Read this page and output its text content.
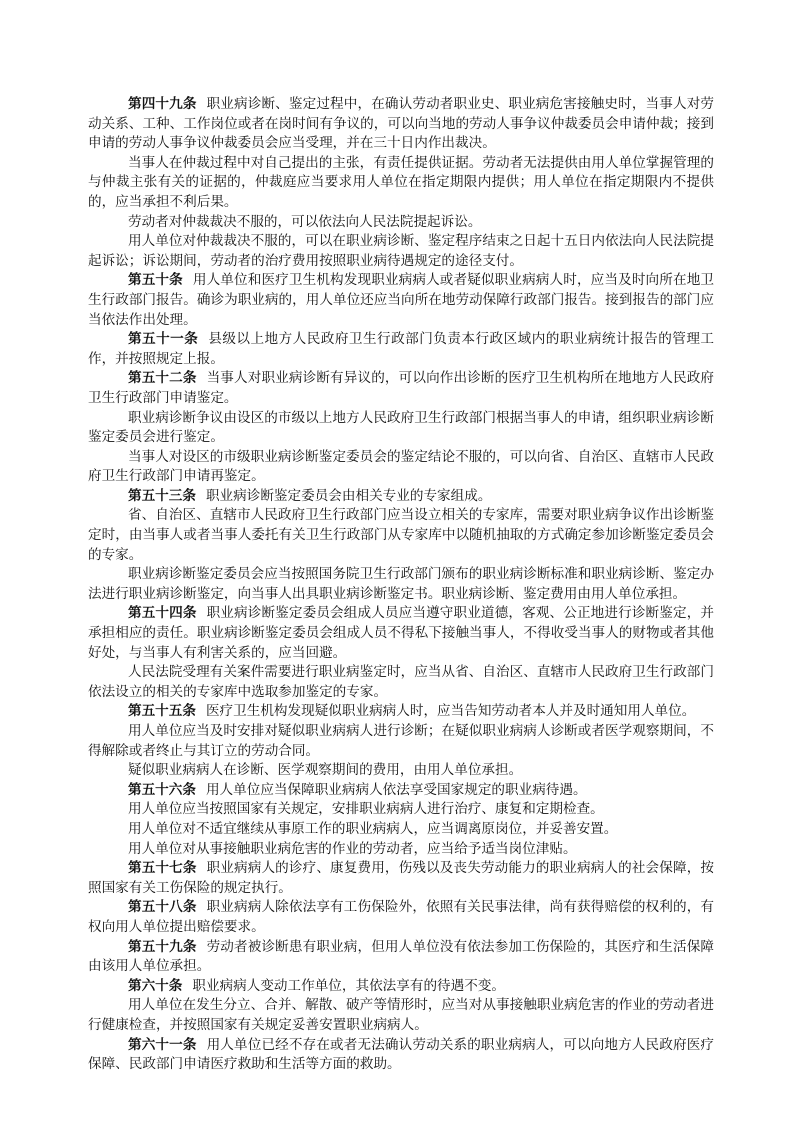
第四十九条 职业病诊断、鉴定过程中，在确认劳动者职业史、职业病危害接触史时，当事人对劳动关系、工种、工作岗位或者在岗时间有争议的，可以向当地的劳动人事争议仲裁委员会申请仲裁；接到申请的劳动人事争议仲裁委员会应当受理，并在三十日内作出裁决。

当事人在仲裁过程中对自己提出的主张，有责任提供证据。劳动者无法提供由用人单位掌握管理的与仲裁主张有关的证据的，仲裁庭应当要求用人单位在指定期限内提供；用人单位在指定期限内不提供的，应当承担不利后果。

劳动者对仲裁裁决不服的，可以依法向人民法院提起诉讼。

用人单位对仲裁裁决不服的，可以在职业病诊断、鉴定程序结束之日起十五日内依法向人民法院提起诉讼；诉讼期间，劳动者的治疗费用按照职业病待遇规定的途径支付。

第五十条 用人单位和医疗卫生机构发现职业病病人或者疑似职业病病人时，应当及时向所在地卫生行政部门报告。确诊为职业病的，用人单位还应当向所在地劳动保障行政部门报告。接到报告的部门应当依法作出处理。

第五十一条 县级以上地方人民政府卫生行政部门负责本行政区域内的职业病统计报告的管理工作，并按照规定上报。

第五十二条 当事人对职业病诊断有异议的，可以向作出诊断的医疗卫生机构所在地地方人民政府卫生行政部门申请鉴定。

职业病诊断争议由设区的市级以上地方人民政府卫生行政部门根据当事人的申请，组织职业病诊断鉴定委员会进行鉴定。

当事人对设区的市级职业病诊断鉴定委员会的鉴定结论不服的，可以向省、自治区、直辖市人民政府卫生行政部门申请再鉴定。

第五十三条 职业病诊断鉴定委员会由相关专业的专家组成。

省、自治区、直辖市人民政府卫生行政部门应当设立相关的专家库，需要对职业病争议作出诊断鉴定时，由当事人或者当事人委托有关卫生行政部门从专家库中以随机抽取的方式确定参加诊断鉴定委员会的专家。

职业病诊断鉴定委员会应当按照国务院卫生行政部门颁布的职业病诊断标准和职业病诊断、鉴定办法进行职业病诊断鉴定，向当事人出具职业病诊断鉴定书。职业病诊断、鉴定费用由用人单位承担。

第五十四条 职业病诊断鉴定委员会组成人员应当遵守职业道德，客观、公正地进行诊断鉴定，并承担相应的责任。职业病诊断鉴定委员会组成人员不得私下接触当事人，不得收受当事人的财物或者其他好处，与当事人有利害关系的，应当回避。

人民法院受理有关案件需要进行职业病鉴定时，应当从省、自治区、直辖市人民政府卫生行政部门依法设立的相关的专家库中选取参加鉴定的专家。

第五十五条 医疗卫生机构发现疑似职业病病人时，应当告知劳动者本人并及时通知用人单位。

用人单位应当及时安排对疑似职业病病人进行诊断；在疑似职业病病人诊断或者医学观察期间，不得解除或者终止与其订立的劳动合同。

疑似职业病病人在诊断、医学观察期间的费用，由用人单位承担。

第五十六条 用人单位应当保障职业病病人依法享受国家规定的职业病待遇。

用人单位应当按照国家有关规定，安排职业病病人进行治疗、康复和定期检查。

用人单位对不适宜继续从事原工作的职业病病人，应当调离原岗位，并妥善安置。

用人单位对从事接触职业病危害的作业的劳动者，应当给予适当岗位津贴。

第五十七条 职业病病人的诊疗、康复费用，伤残以及丧失劳动能力的职业病病人的社会保障，按照国家有关工伤保险的规定执行。

第五十八条 职业病病人除依法享有工伤保险外，依照有关民事法律，尚有获得赔偿的权利的，有权向用人单位提出赔偿要求。

第五十九条 劳动者被诊断患有职业病，但用人单位没有依法参加工伤保险的，其医疗和生活保障由该用人单位承担。

第六十条 职业病病人变动工作单位，其依法享有的待遇不变。

用人单位在发生分立、合并、解散、破产等情形时，应当对从事接触职业病危害的作业的劳动者进行健康检查，并按照国家有关规定妥善安置职业病病人。

第六十一条 用人单位已经不存在或者无法确认劳动关系的职业病病人，可以向地方人民政府医疗保障、民政部门申请医疗救助和生活等方面的救助。
